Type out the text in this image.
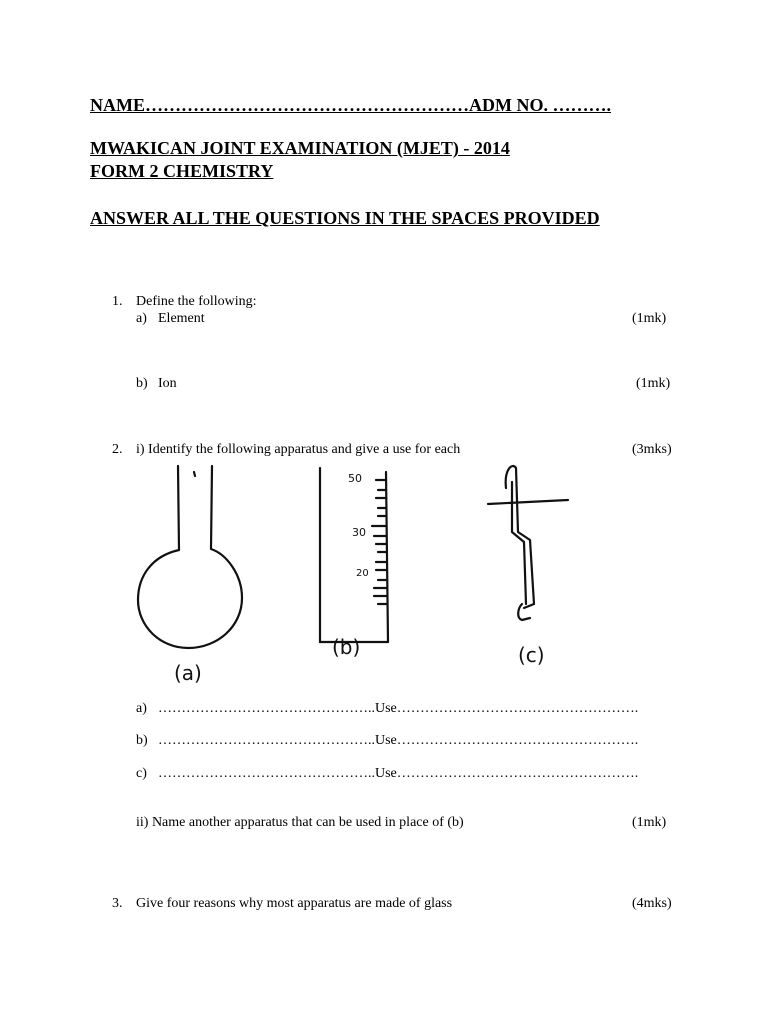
NAME………………………………………………ADM NO. ……….
MWAKICAN JOINT EXAMINATION (MJET) - 2014
FORM 2 CHEMISTRY
ANSWER ALL THE QUESTIONS IN THE SPACES PROVIDED
1. Define the following:
a) Element	(1mk)
b) Ion	(1mk)
2. i) Identify the following apparatus and give a use for each	(3mks)
50
30
20
(a)
(b)	(c)
a) ………………………………………..Use…………………………………………….
b) ………………………………………..Use…………………………………………….
c) ………………………………………..Use…………………………………………….
ii) Name another apparatus that can be used in place of (b)	(1mk)
3. Give four reasons why most apparatus are made of glass	(4mks)
